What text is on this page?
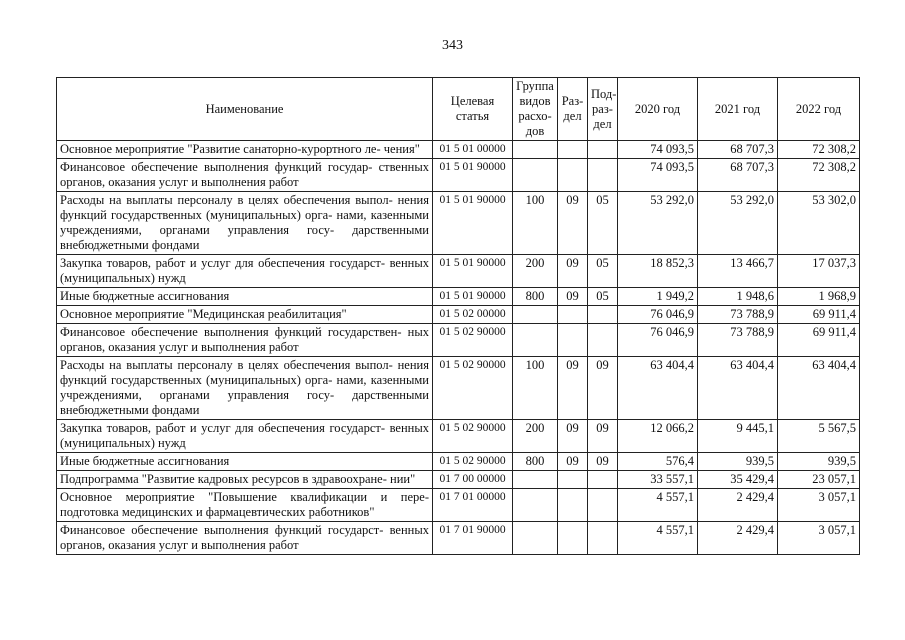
343
Наименование	Целевая статья	Группа видов расхо- дов	Раз- дел	Под- раз- дел	2020 год	2021 год	2022 год
Основное мероприятие "Развитие санаторно-курортного ле- чения"	01 5 01 00000				74 093,5	68 707,3	72 308,2
Финансовое обеспечение выполнения функций государ- ственных органов, оказания услуг и выполнения работ	01 5 01 90000				74 093,5	68 707,3	72 308,2
Расходы на выплаты персоналу в целях обеспечения выпол- нения функций государственных (муниципальных) орга- нами, казенными учреждениями, органами управления госу- дарственными внебюджетными фондами	01 5 01 90000	100	09	05	53 292,0	53 292,0	53 302,0
Закупка товаров, работ и услуг для обеспечения государст- венных (муниципальных) нужд	01 5 01 90000	200	09	05	18 852,3	13 466,7	17 037,3
Иные бюджетные ассигнования	01 5 01 90000	800	09	05	1 949,2	1 948,6	1 968,9
Основное мероприятие "Медицинская реабилитация"	01 5 02 00000				76 046,9	73 788,9	69 911,4
Финансовое обеспечение выполнения функций государствен- ных органов, оказания услуг и выполнения работ	01 5 02 90000				76 046,9	73 788,9	69 911,4
Расходы на выплаты персоналу в целях обеспечения выпол- нения функций государственных (муниципальных) орга- нами, казенными учреждениями, органами управления госу- дарственными внебюджетными фондами	01 5 02 90000	100	09	09	63 404,4	63 404,4	63 404,4
Закупка товаров, работ и услуг для обеспечения государст- венных (муниципальных) нужд	01 5 02 90000	200	09	09	12 066,2	9 445,1	5 567,5
Иные бюджетные ассигнования	01 5 02 90000	800	09	09	576,4	939,5	939,5
Подпрограмма "Развитие кадровых ресурсов в здравоохране- нии"	01 7 00 00000				33 557,1	35 429,4	23 057,1
Основное мероприятие "Повышение квалификации и пере- подготовка медицинских и фармацевтических работников"	01 7 01 00000				4 557,1	2 429,4	3 057,1
Финансовое обеспечение выполнения функций государст- венных органов, оказания услуг и выполнения работ	01 7 01 90000				4 557,1	2 429,4	3 057,1
